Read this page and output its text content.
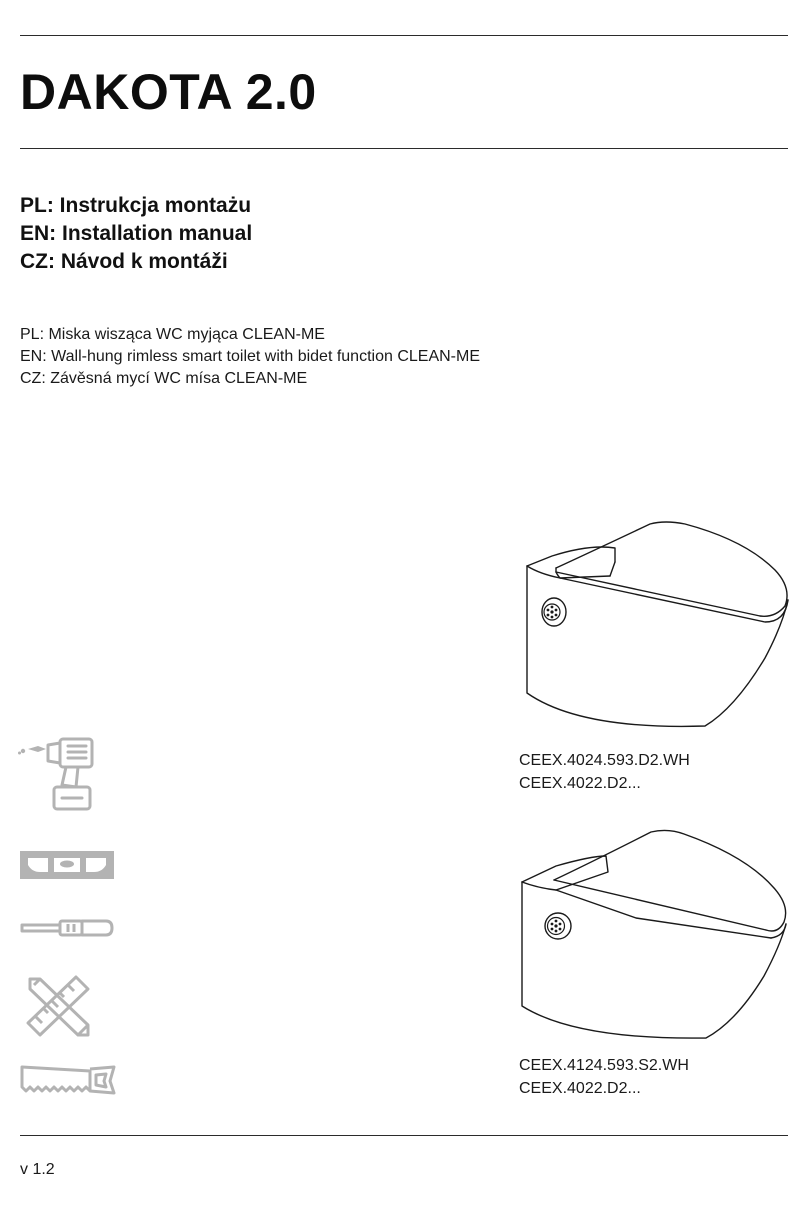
DAKOTA 2.0

PL: Instrukcja montażu

EN: Installation manual

CZ: Návod k montáži

PL: Miska wisząca WC myjąca CLEAN-ME

EN: Wall-hung rimless smart toilet with bidet function CLEAN-ME

CZ: Závěsná mycí WC mísa CLEAN-ME

CEEX.4024.593.D2.WH
CEEX.4022.D2...
CEEX.4124.593.S2.WH
CEEX.4022.D2...
v 1.2
